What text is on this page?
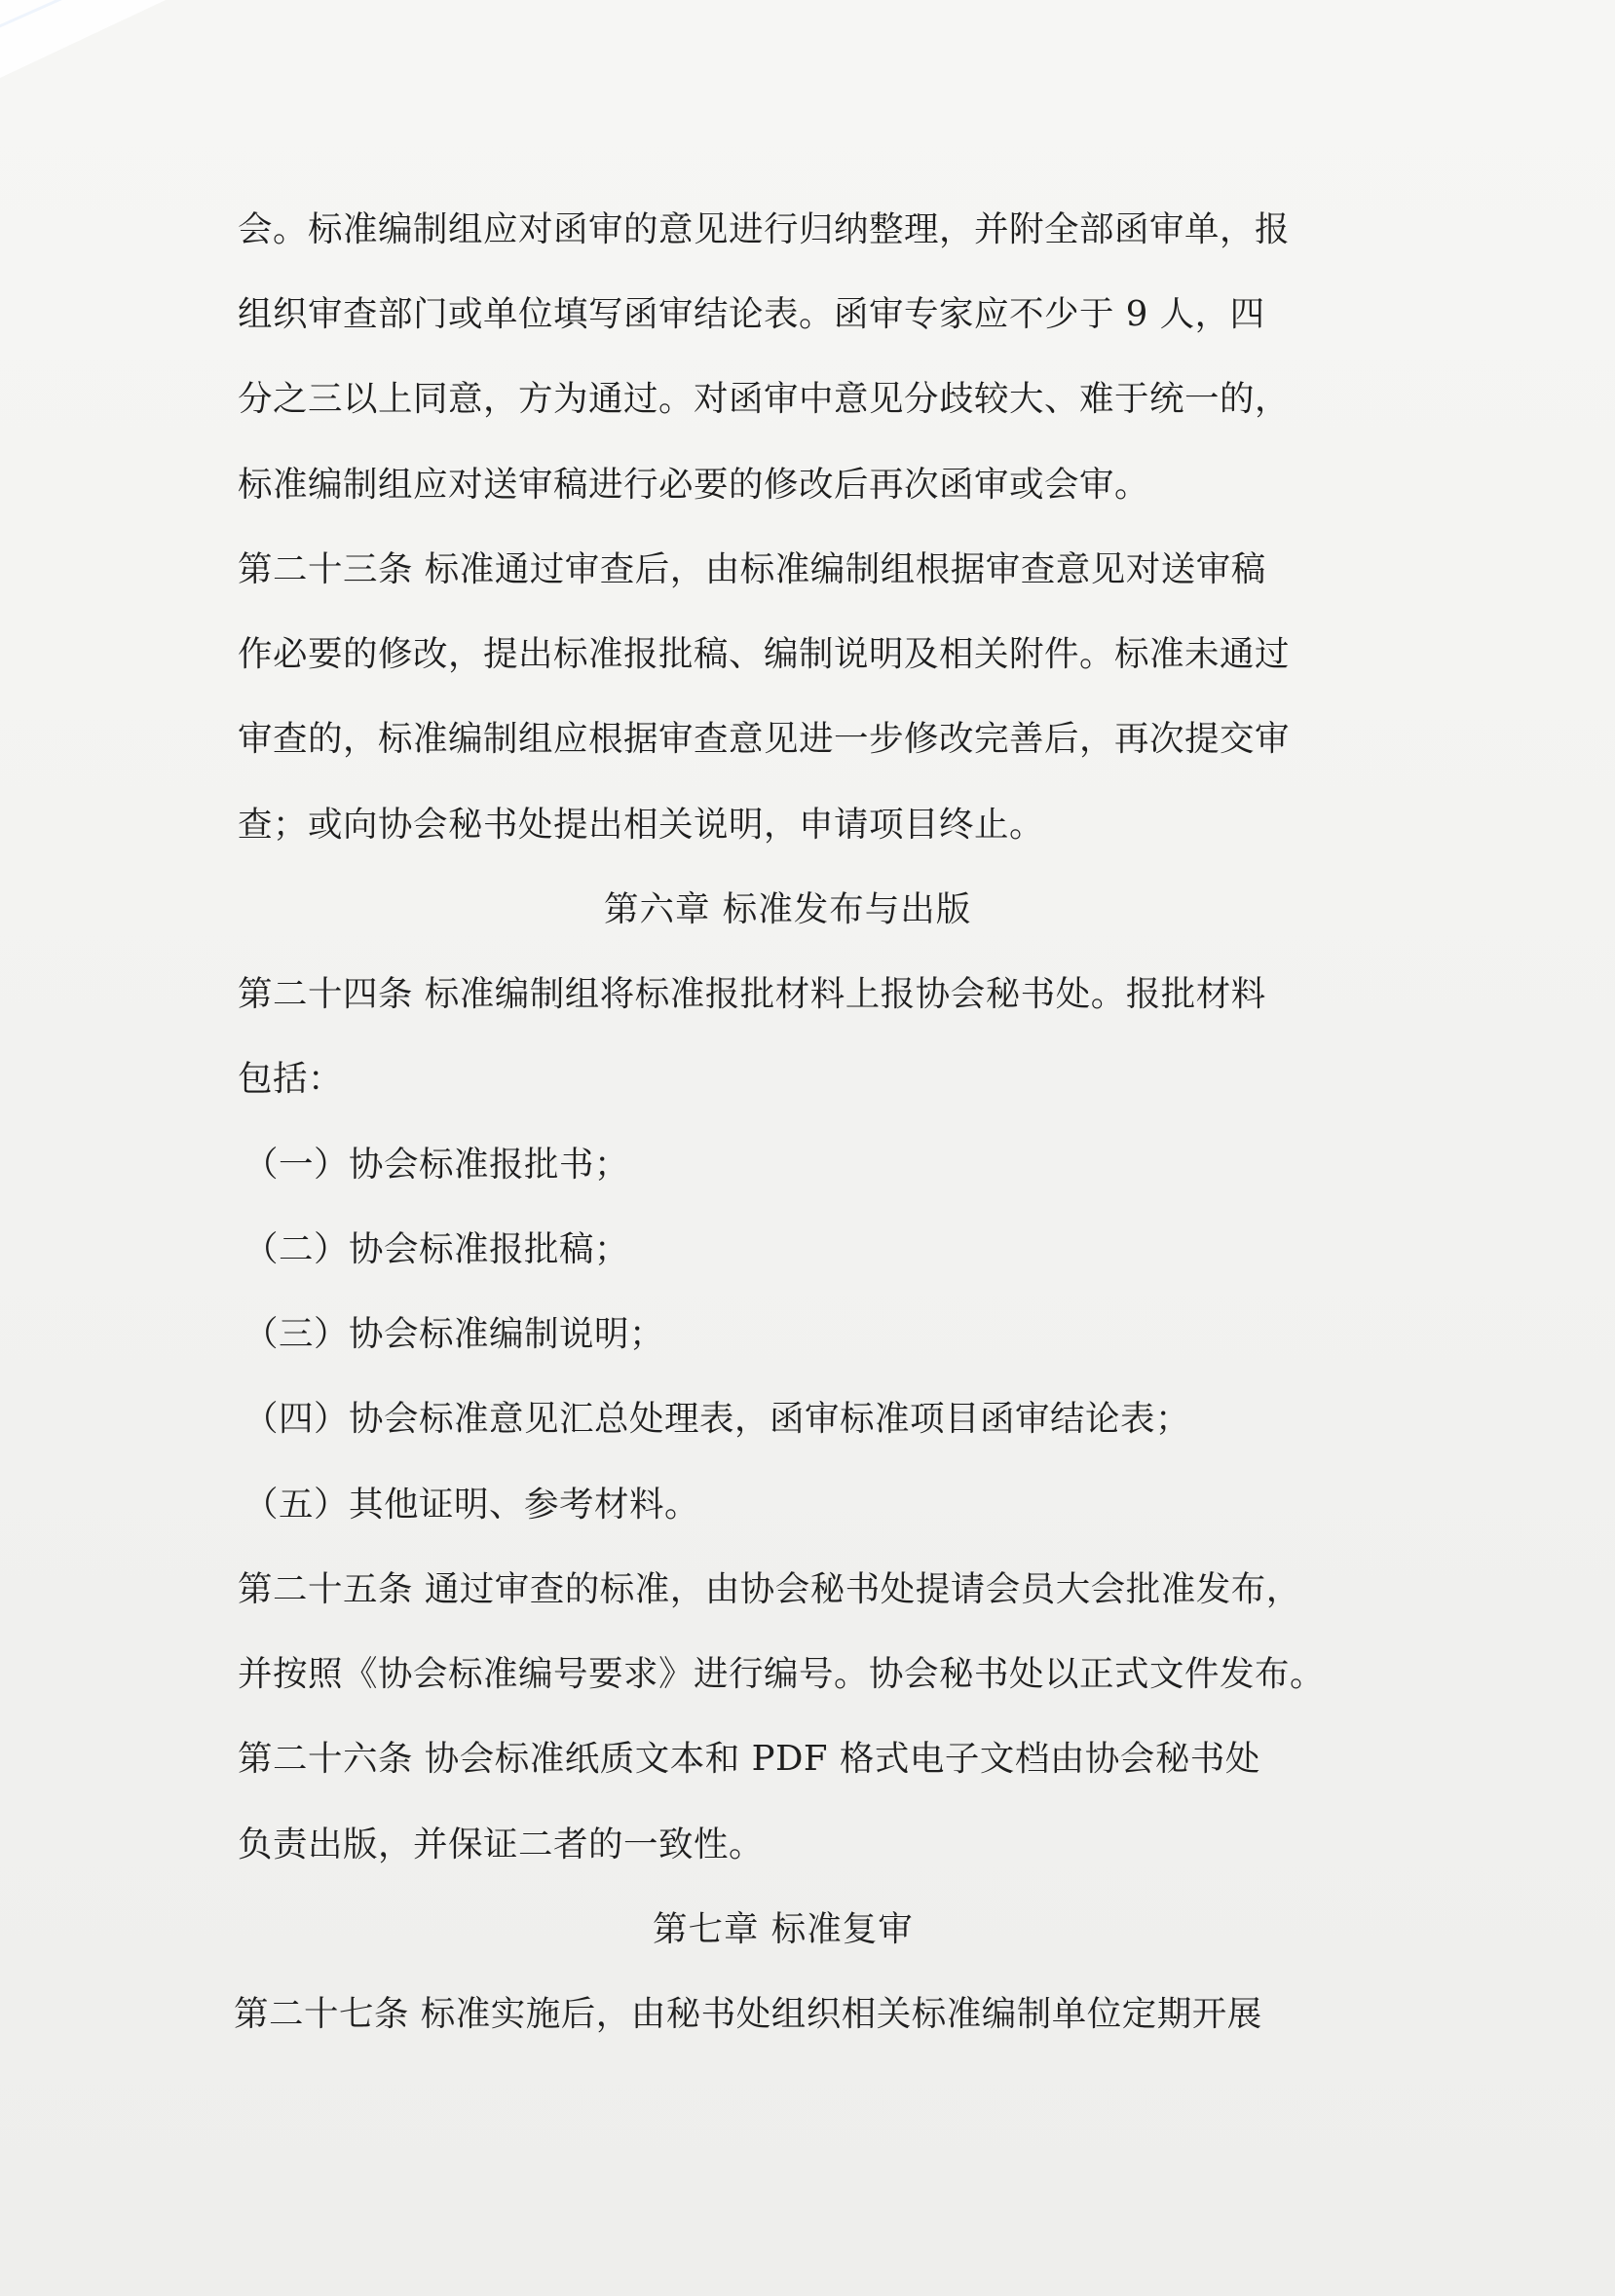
会。标准编制组应对函审的意见进行归纳整理，并附全部函审单，报
组织审查部门或单位填写函审结论表。函审专家应不少于 9 人，四
分之三以上同意，方为通过。对函审中意见分歧较大、难于统一的，
标准编制组应对送审稿进行必要的修改后再次函审或会审。
第二十三条 标准通过审查后，由标准编制组根据审查意见对送审稿
作必要的修改，提出标准报批稿、编制说明及相关附件。标准未通过
审查的，标准编制组应根据审查意见进一步修改完善后，再次提交审
查；或向协会秘书处提出相关说明，申请项目终止。
第六章 标准发布与出版
第二十四条 标准编制组将标准报批材料上报协会秘书处。报批材料
包括：
（一）协会标准报批书；
（二）协会标准报批稿；
（三）协会标准编制说明；
（四）协会标准意见汇总处理表，函审标准项目函审结论表；
（五）其他证明、参考材料。
第二十五条 通过审查的标准，由协会秘书处提请会员大会批准发布，
并按照《协会标准编号要求》进行编号。协会秘书处以正式文件发布。
第二十六条 协会标准纸质文本和 PDF 格式电子文档由协会秘书处
负责出版，并保证二者的一致性。
第七章 标准复审
第二十七条 标准实施后，由秘书处组织相关标准编制单位定期开展
